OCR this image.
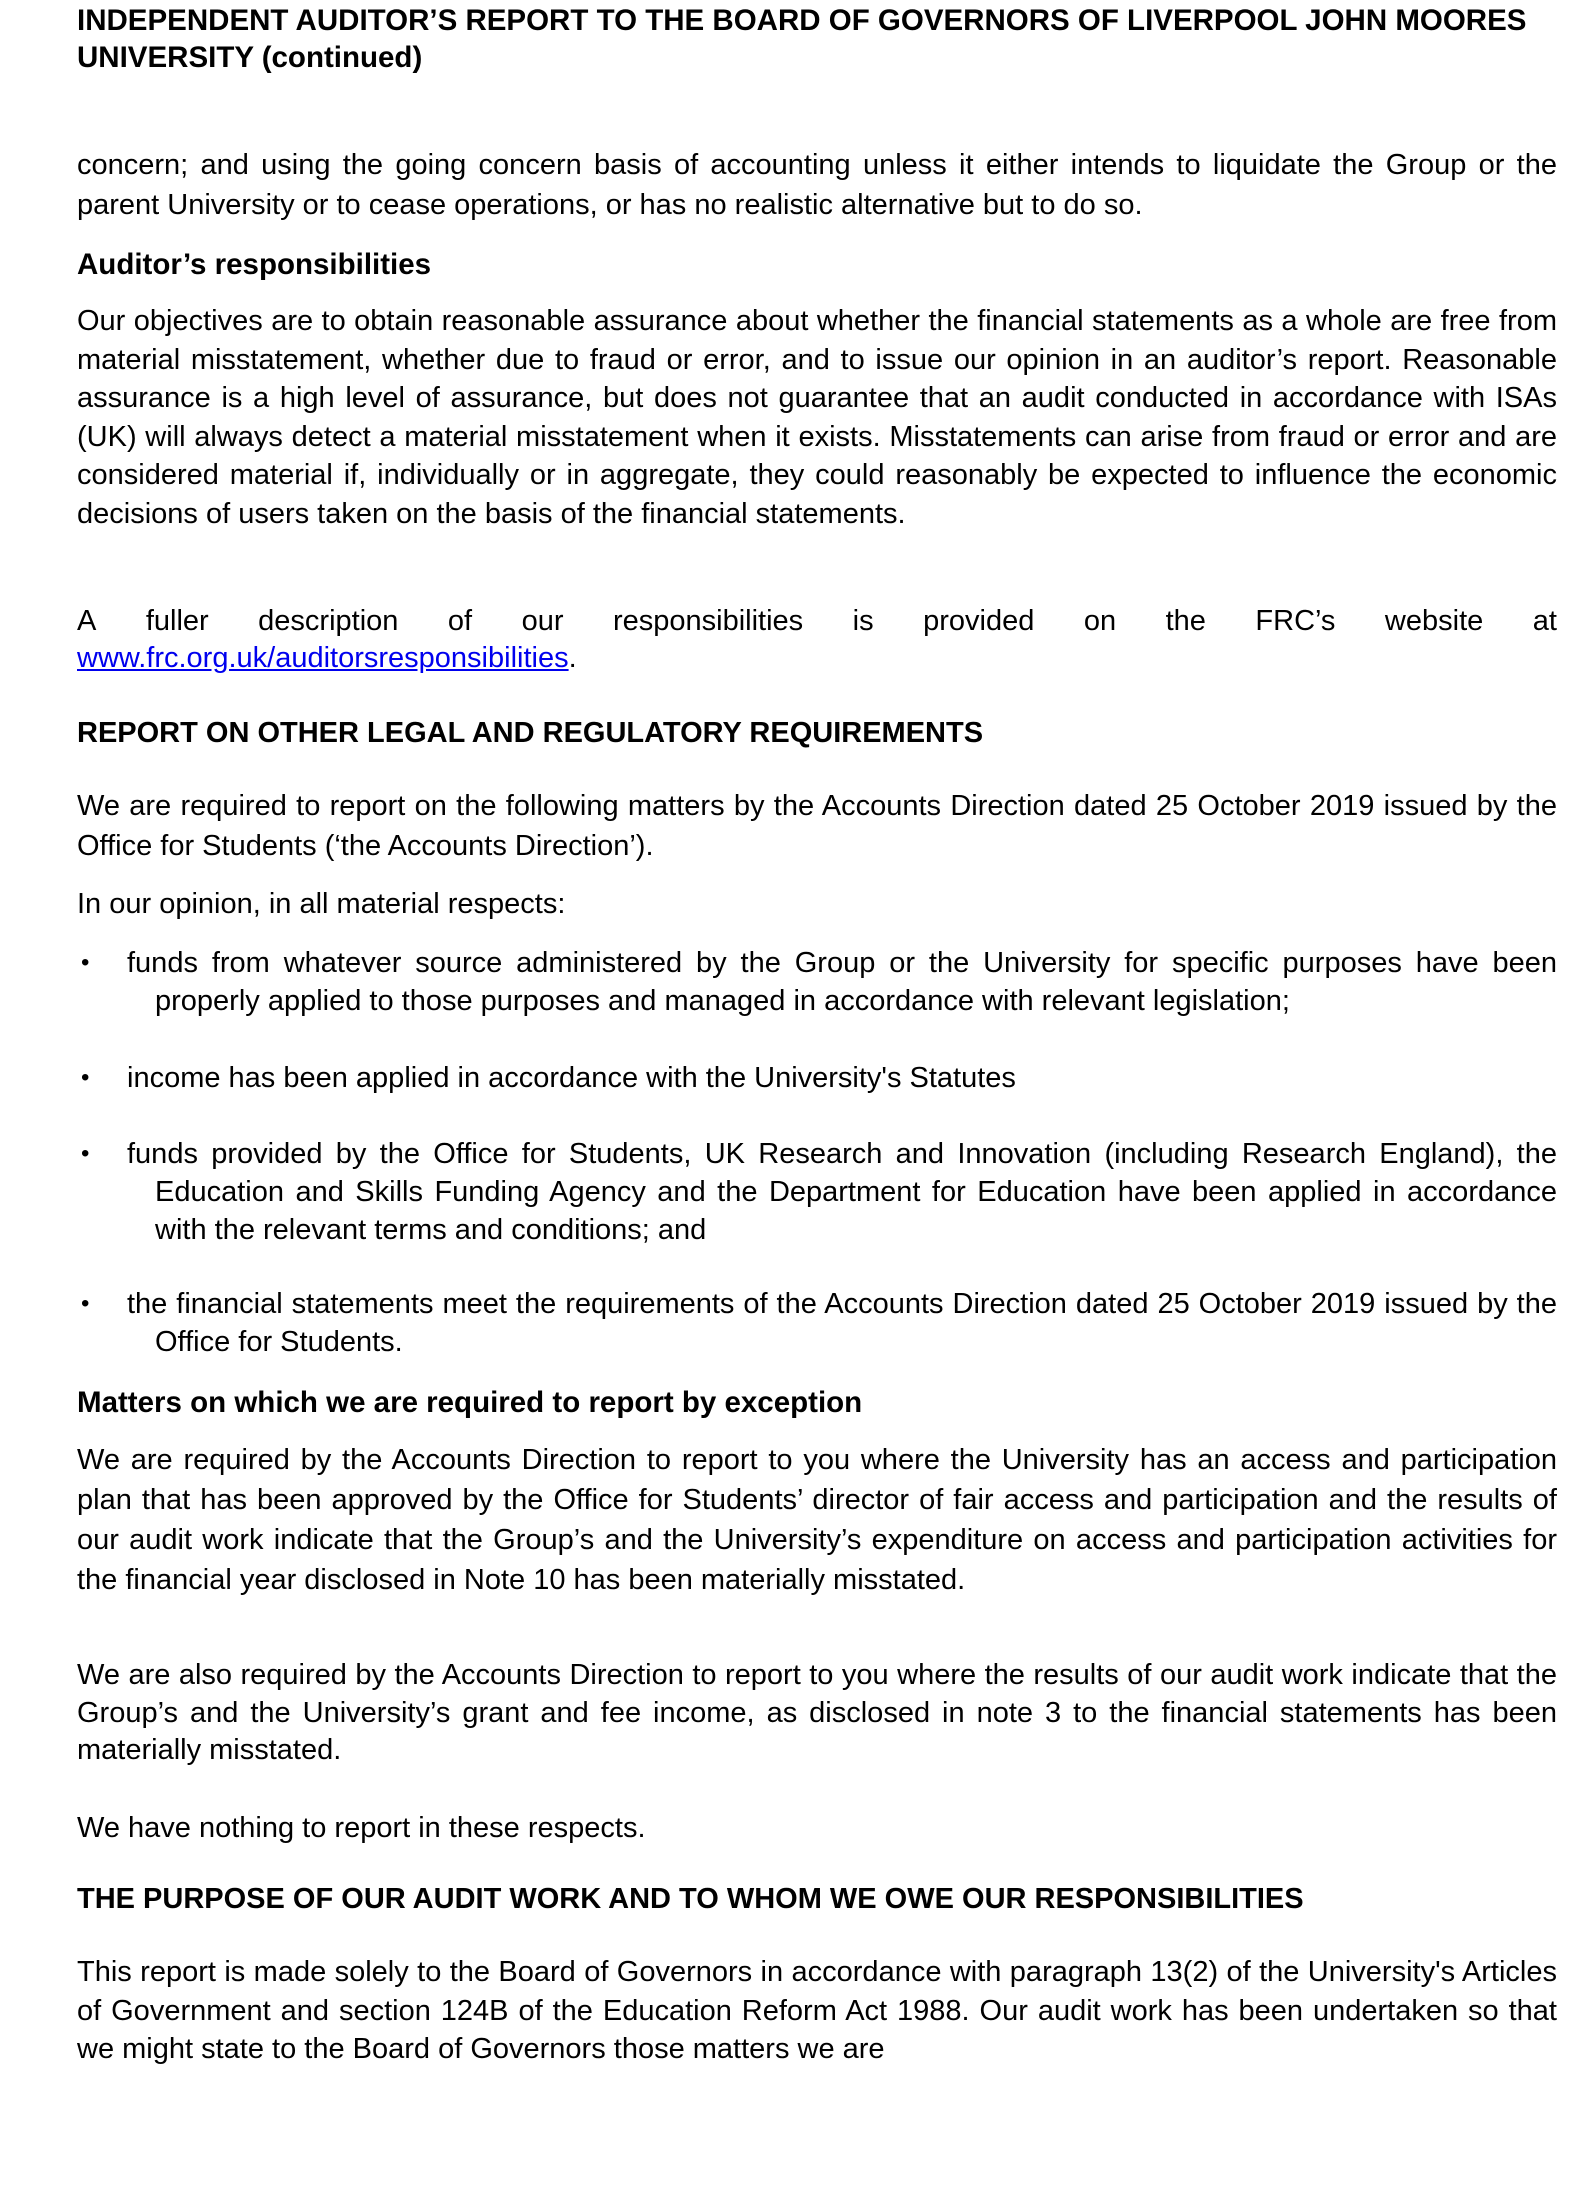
INDEPENDENT AUDITOR’S REPORT TO THE BOARD OF GOVERNORS OF LIVERPOOL JOHN MOORES UNIVERSITY (continued)

concern; and using the going concern basis of accounting unless it either intends to liquidate the Group or the parent University or to cease operations, or has no realistic alternative but to do so.

Auditor’s responsibilities

Our objectives are to obtain reasonable assurance about whether the financial statements as a whole are free from material misstatement, whether due to fraud or error, and to issue our opinion in an auditor’s report. Reasonable assurance is a high level of assurance, but does not guarantee that an audit conducted in accordance with ISAs (UK) will always detect a material misstatement when it exists. Misstatements can arise from fraud or error and are considered material if, individually or in aggregate, they could reasonably be expected to influence the economic decisions of users taken on the basis of the financial statements.

A fuller description of our responsibilities is provided on the FRC’s website at
www.frc.org.uk/auditorsresponsibilities.
REPORT ON OTHER LEGAL AND REGULATORY REQUIREMENTS

We are required to report on the following matters by the Accounts Direction dated 25 October 2019 issued by the Office for Students (‘the Accounts Direction’).

In our opinion, in all material respects:

•	funds from whatever source administered by the Group or the University for specific purposes have been properly applied to those purposes and managed in accordance with relevant legislation;
•	income has been applied in accordance with the University's Statutes
•	funds provided by the Office for Students, UK Research and Innovation (including Research England), the Education and Skills Funding Agency and the Department for Education have been applied in accordance with the relevant terms and conditions; and
•	the financial statements meet the requirements of the Accounts Direction dated 25 October 2019 issued by the Office for Students.
Matters on which we are required to report by exception

We are required by the Accounts Direction to report to you where the University has an access and participation plan that has been approved by the Office for Students’ director of fair access and participation and the results of our audit work indicate that the Group’s and the University’s expenditure on access and participation activities for the financial year disclosed in Note 10 has been materially misstated.

We are also required by the Accounts Direction to report to you where the results of our audit work indicate that the Group’s and the University’s grant and fee income, as disclosed in note 3 to the financial statements has been materially misstated.

We have nothing to report in these respects.

THE PURPOSE OF OUR AUDIT WORK AND TO WHOM WE OWE OUR RESPONSIBILITIES

This report is made solely to the Board of Governors in accordance with paragraph 13(2) of the University's Articles of Government and section 124B of the Education Reform Act 1988. Our audit work has been undertaken so that we might state to the Board of Governors those matters we are
